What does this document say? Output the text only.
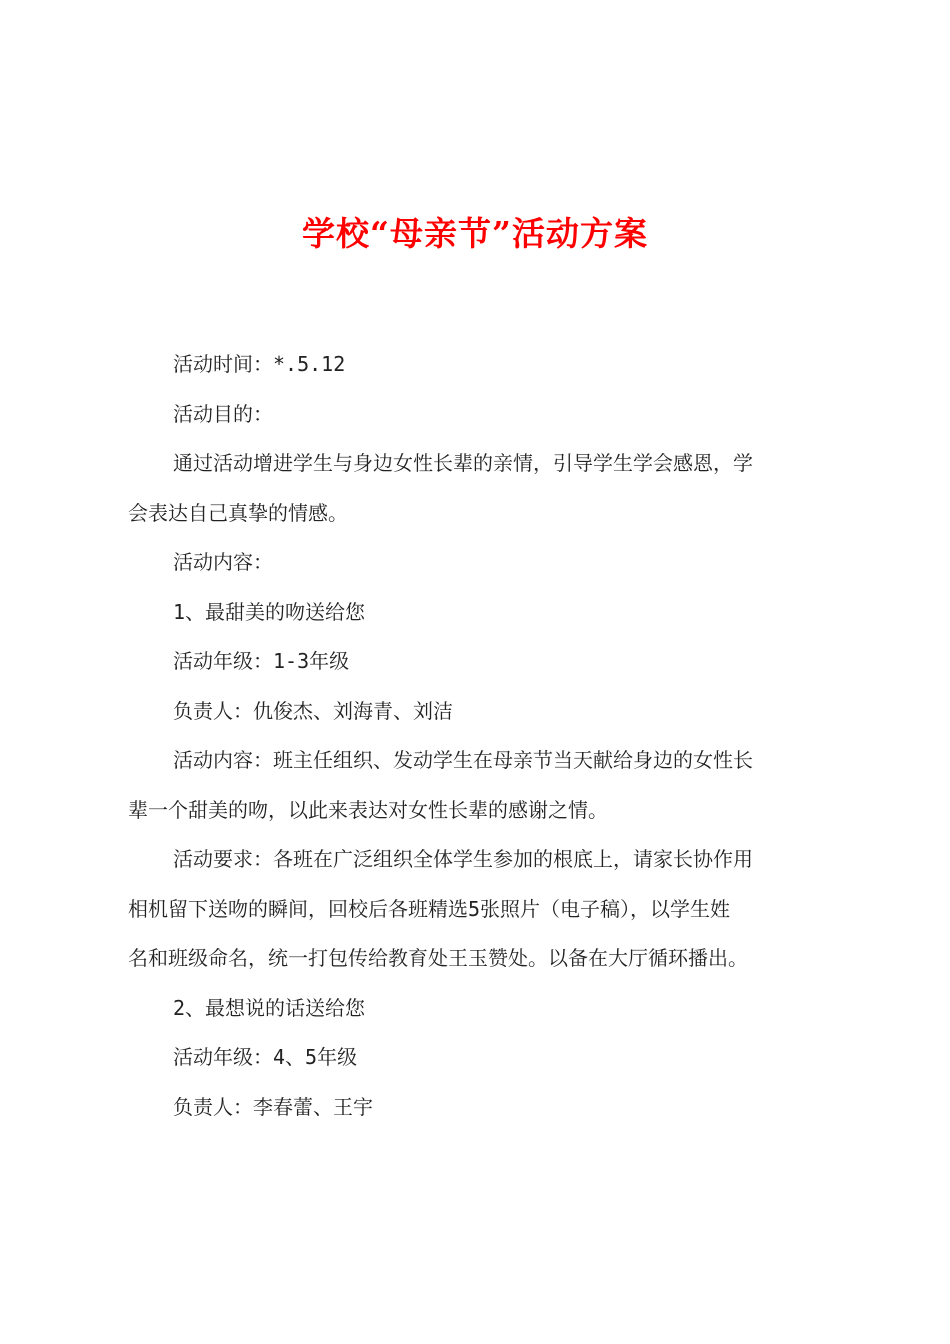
学校“母亲节”活动方案

活动时间：*.5.12

活动目的：

通过活动增进学生与身边女性长辈的亲情，引导学生学会感恩，学
会表达自己真挚的情感。

活动内容：

1、最甜美的吻送给您

活动年级：1-3年级

负责人：仇俊杰、刘海青、刘洁

活动内容：班主任组织、发动学生在母亲节当天献给身边的女性长
辈一个甜美的吻，以此来表达对女性长辈的感谢之情。

活动要求：各班在广泛组织全体学生参加的根底上，请家长协作用
相机留下送吻的瞬间，回校后各班精选5张照片（电子稿），以学生姓
名和班级命名，统一打包传给教育处王玉赞处。以备在大厅循环播出。

2、最想说的话送给您

活动年级：4、5年级

负责人：李春蕾、王宇
